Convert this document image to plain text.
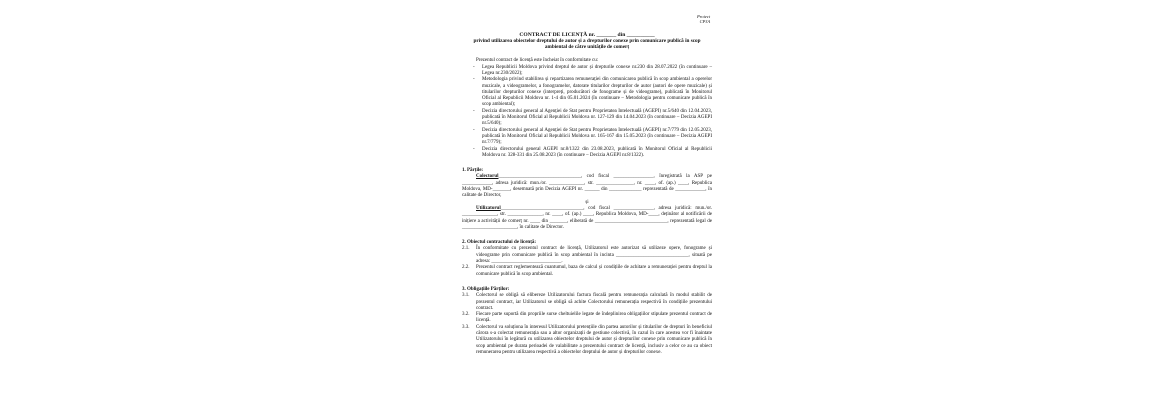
Proiect
CPJA
CONTRACT DE LICENȚĂ nr. _______ din __________
privind utilizarea obiectelor dreptului de autor și a drepturilor conexe prin comunicare publică în scop ambiental de către unitățile de comerț
Prezentul contract de licență este încheiat în conformitate cu:
- Legea Republicii Moldova privind dreptul de autor și drepturile conexe nr.230 din 28.07.2022 (în continuare – Legea nr.230/2022);
- Metodologia privind stabilirea și repartizarea remunerației din comunicarea publică în scop ambiental a operelor muzicale, a videogramelor, a fonogramelor, datorate titularilor drepturilor de autor (autori de opere muzicale) și titularilor drepturilor conexe (interpreți, producători de fonograme și de videograme), publicată în Monitorul Oficial al Republicii Moldova nr. 1-4 din 05.01.2024 (în continuare – Metodologia pentru comunicare publică în scop ambiental);
- Decizia directorului general al Agenției de Stat pentru Proprietatea Intelectuală (AGEPI) nr.5/640 din 12.04.2023, publicată în Monitorul Oficial al Republicii Moldova nr. 127-129 din 14.04.2023 (în continuare – Decizia AGEPI nr.5/640);
- Decizia directorului general al Agenției de Stat pentru Proprietatea Intelectuală (AGEPI) nr.7/779 din 12.05.2023, publicată în Monitorul Oficial al Republicii Moldova nr. 165-167 din 15.05.2023 (în continuare – Decizia AGEPI nr.7/779);
- Decizia directorului general AGEPI nr.8/1322 din 23.08.2023, publicată în Monitorul Oficial al Republicii Moldova nr. 328-331 din 25.08.2023 (în continuare – Decizia AGEPI nr.8/1322).
1. Părțile:
Colectorul_________________________________, cod fiscal ________________, înregistrată la ASP pe ____________, adresa juridică: mun./or. ______________, str. _______________, nr. ____, of. (ap.) ____, Republica Moldova, MD-_______, desemnată prin Decizia AGEPI nr. ______ din _____________ reprezentată de ____________, în calitate de Director,
și
Utilizatorul_________________________________, cod fiscal ________________, adresa juridică: mun./or. ______________, str. ______________, nr. ____, of. (ap.) ____, Republica Moldova, MD-____, deținător al notificării de inițiere a activității de comerț nr. ____ din _______, eliberată de _____________________________, reprezentată legal de ______________________, în calitate de Director.
2. Obiectul contractului de licență:
2.1.	În conformitate cu prezentul contract de licență, Utilizatorul este autorizat să utilizeze opere, fonograme și videograme prin comunicare publică în scop ambiental în incinta _____________________________, situată pe adresa: ____________________________.
2.2.	Prezentul contract reglementează cuantumul, baza de calcul și condițiile de achitare a remunerației pentru dreptul la comunicare publică în scop ambiental.
3. Obligațiile Părților:
3.1.	Colectorul se obligă să elibereze Utilizatorului factura fiscală pentru remunerația calculată în modul stabilit de prezentul contract, iar Utilizatorul se obligă să achite Colectorului remunerația respectivă în condițiile prezentului contract.
3.2.	Fiecare parte suportă din propriile surse cheltuielile legate de îndeplinirea obligațiilor stipulate prezentul contract de licență.
3.3.	Colectorul va soluționa în interesul Utilizatorului pretențiile din partea autorilor și titularilor de drepturi în beneficiul cărora s-a colectat remunerația sau a altor organizații de gestiune colectivă, în cazul în care acestea vor fi înaintate Utilizatorului în legătură cu utilizarea obiectelor dreptului de autor și drepturilor conexe prin comunicare publică în scop ambiental pe durata perioadei de valabilitate a prezentului contract de licență, inclusiv a celor ce au ca obiect remunerarea pentru utilizarea respectivă a obiectelor dreptului de autor și drepturilor conexe.
